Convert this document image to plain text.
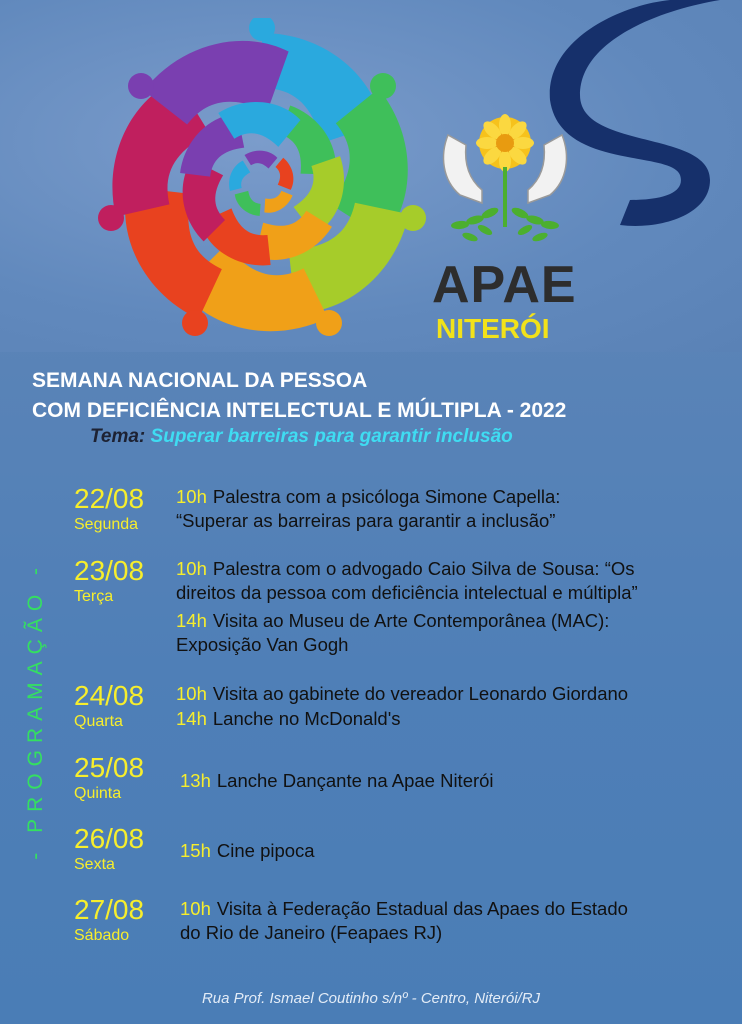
APAE
NITERÓI
SEMANA NACIONAL DA PESSOA
COM DEFICIÊNCIA INTELECTUAL E MÚLTIPLA - 2022
Tema: Superar barreiras para garantir inclusão
- PROGRAMAÇÃO -
22/08
Segunda
10h Palestra com a psicóloga Simone Capella:
“Superar as barreiras para garantir a inclusão”
23/08
Terça
10h Palestra com o advogado Caio Silva de Sousa: “Os
direitos da pessoa com deficiência intelectual e múltipla”
14h Visita ao Museu de Arte Contemporânea (MAC):
Exposição Van Gogh
24/08
Quarta
10h Visita ao gabinete do vereador Leonardo Giordano
14h Lanche no McDonald's
25/08
Quinta
13h Lanche Dançante na Apae Niterói
26/08
Sexta
15h Cine pipoca
27/08
Sábado
10h Visita à Federação Estadual das Apaes do Estado
do Rio de Janeiro (Feapaes RJ)
Rua Prof. Ismael Coutinho s/nº - Centro, Niterói/RJ
